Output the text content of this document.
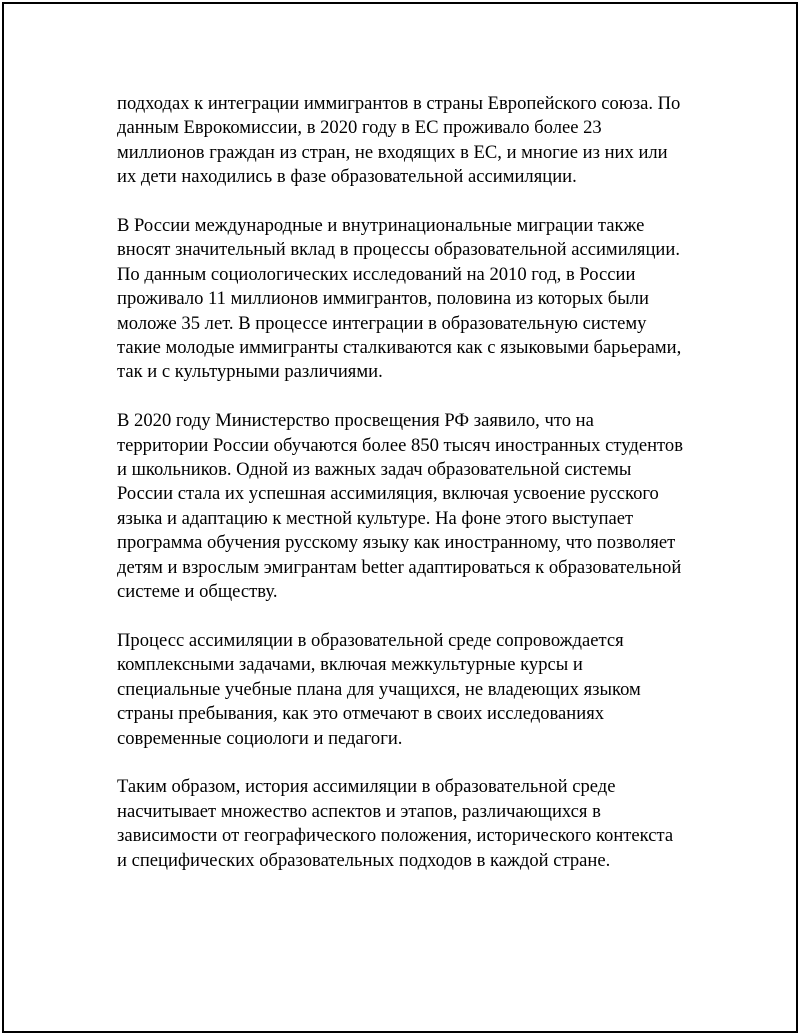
подходах к интеграции иммигрантов в страны Европейского союза. По
данным Еврокомиссии, в 2020 году в ЕС проживало более 23
миллионов граждан из стран, не входящих в ЕС, и многие из них или
их дети находились в фазе образовательной ассимиляции.

В России международные и внутринациональные миграции также
вносят значительный вклад в процессы образовательной ассимиляции.
По данным социологических исследований на 2010 год, в России
проживало 11 миллионов иммигрантов, половина из которых были
моложе 35 лет. В процессе интеграции в образовательную систему
такие молодые иммигранты сталкиваются как с языковыми барьерами,
так и с культурными различиями.

В 2020 году Министерство просвещения РФ заявило, что на
территории России обучаются более 850 тысяч иностранных студентов
и школьников. Одной из важных задач образовательной системы
России стала их успешная ассимиляция, включая усвоение русского
языка и адаптацию к местной культуре. На фоне этого выступает
программа обучения русскому языку как иностранному, что позволяет
детям и взрослым эмигрантам better адаптироваться к образовательной
системе и обществу.

Процесс ассимиляции в образовательной среде сопровождается
комплексными задачами, включая межкультурные курсы и
специальные учебные плана для учащихся, не владеющих языком
страны пребывания, как это отмечают в своих исследованиях
современные социологи и педагоги.

Таким образом, история ассимиляции в образовательной среде
насчитывает множество аспектов и этапов, различающихся в
зависимости от географического положения, исторического контекста
и специфических образовательных подходов в каждой стране.
